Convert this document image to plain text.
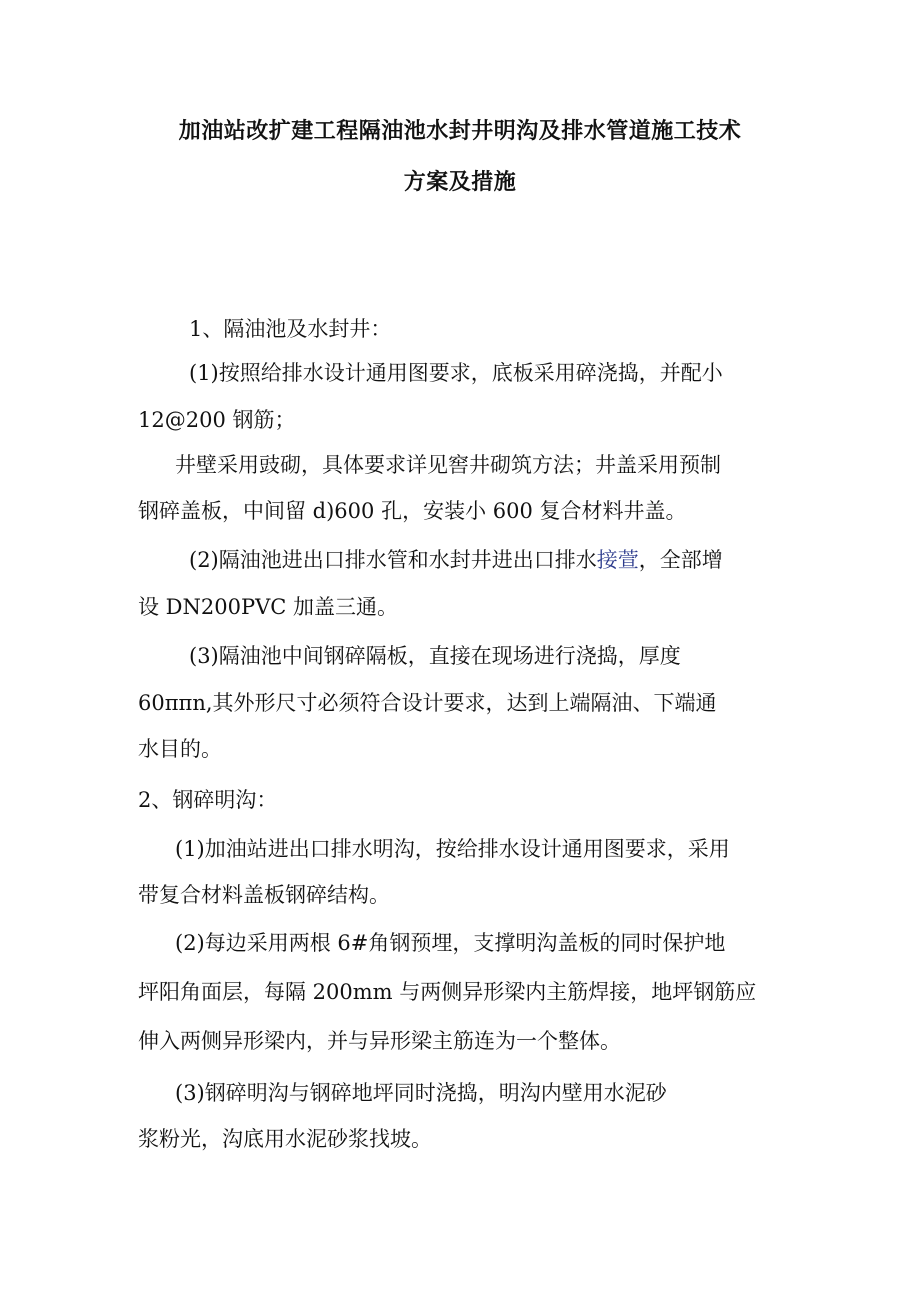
加油站改扩建工程隔油池水封井明沟及排水管道施工技术
方案及措施
1、隔油池及水封井：
(1)按照给排水设计通用图要求，底板采用碎浇捣，并配小
12@200 钢筋；
井壁采用豉砌，具体要求详见窖井砌筑方法；井盖采用预制
钢碎盖板，中间留 d)600 孔，安装小 600 复合材料井盖。
(2)隔油池进出口排水管和水封井进出口排水接萱，全部增
设 DN200PVC 加盖三通。
(3)隔油池中间钢碎隔板，直接在现场进行浇捣，厚度
60ππn,其外形尺寸必须符合设计要求，达到上端隔油、下端通
水目的。
2、钢碎明沟：
(1)加油站进出口排水明沟，按给排水设计通用图要求，采用
带复合材料盖板钢碎结构。
(2)每边采用两根 6#角钢预埋，支撑明沟盖板的同时保护地
坪阳角面层，每隔 200mm 与两侧异形梁内主筋焊接，地坪钢筋应
伸入两侧异形梁内，并与异形梁主筋连为一个整体。
(3)钢碎明沟与钢碎地坪同时浇捣，明沟内壁用水泥砂
浆粉光，沟底用水泥砂浆找坡。
